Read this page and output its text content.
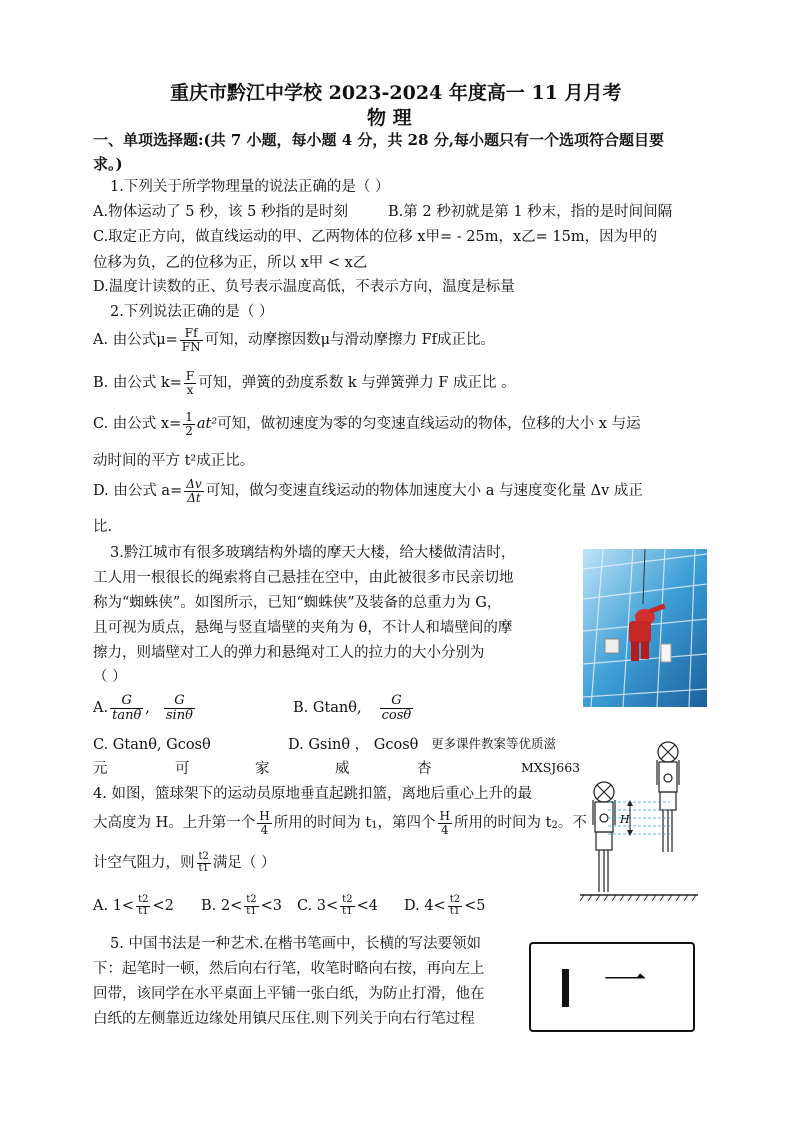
重庆市黔江中学校 2023-2024 年度高一 11 月月考
物 理
一、单项选择题:(共 7 小题，每小题 4 分，共 28 分,每小题只有一个选项符合题目要
求。)
1.下列关于所学物理量的说法正确的是（ ）
A.物体运动了 5 秒，该 5 秒指的是时刻	B.第 2 秒初就是第 1 秒末，指的是时间间隔
C.取定正方向，做直线运动的甲、乙两物体的位移 x甲= - 25m，x乙= 15m，因为甲的
位移为负，乙的位移为正，所以 x甲 < x乙
D.温度计读数的正、负号表示温度高低，不表示方向，温度是标量
2.下列说法正确的是（ ）
A. 由公式$\mu= \frac{Ff}{FN}$ 可知，动摩擦因数μ与滑动摩擦力 Ff成正比。
B. 由公式 $k= \frac{F}{x}$ 可知，弹簧的劲度系数 k 与弹簧弹力 F 成正比 。
C. 由公式 $x= \frac{1}{2} at^2$ 可知，做初速度为零的匀变速直线运动的物体，位移的大小 x 与运
动时间的平方 t²成正比。
D. 由公式 $a= \frac{\Delta v}{\Delta t}$ 可知，做匀变速直线运动的物体加速度大小 a 与速度变化量 Δv 成正
比.
3.黔江城市有很多玻璃结构外墙的摩天大楼，给大楼做清洁时，
工人用一根很长的绳索将自己悬挂在空中，由此被很多市民亲切地
称为“蜘蛛侠”。如图所示，已知“蜘蛛侠”及装备的总重力为 G，
且可视为质点，悬绳与竖直墙壁的夹角为 θ，不计人和墙壁间的摩
擦力，则墙壁对工人的弹力和悬绳对工人的拉力的大小分别为
（ ）
A. $\frac{G}{\tan\theta}$ , $\frac{G}{\sin\theta}$	B. Gtanθ, $\frac{G}{\cos\theta}$
C. Gtanθ, Gcosθ	D. Gsinθ ， Gcosθ 更多课件教案等优质滋
元	可	家	威	杏	MXSJ663
4. 如图，篮球架下的运动员原地垂直起跳扣篮，离地后重心上升的最
大高度为 H。上升第一个 $\frac{H}{4}$ 所用的时间为 t 1 ，第四个 $\frac{H}{4}$ 所用的时间为 t 2 。不
计空气阻力，则 $\frac{t2}{t1}$ 满足（ ）
A. $1< \frac{t2}{t1} <2$ B. $2< \frac{t2}{t1} <3$ C. $3< \frac{t2}{t1} <4$ D. $4< \frac{t2}{t1} <5$
H
5. 中国书法是一种艺术.在楷书笔画中，长横的写法要领如
下：起笔时一顿，然后向右行笔，收笔时略向右按，再向左上
回带，该同学在水平桌面上平铺一张白纸，为防止打滑，他在
白纸的左侧靠近边缘处用镇尺压住.则下列关于向右行笔过程
一
